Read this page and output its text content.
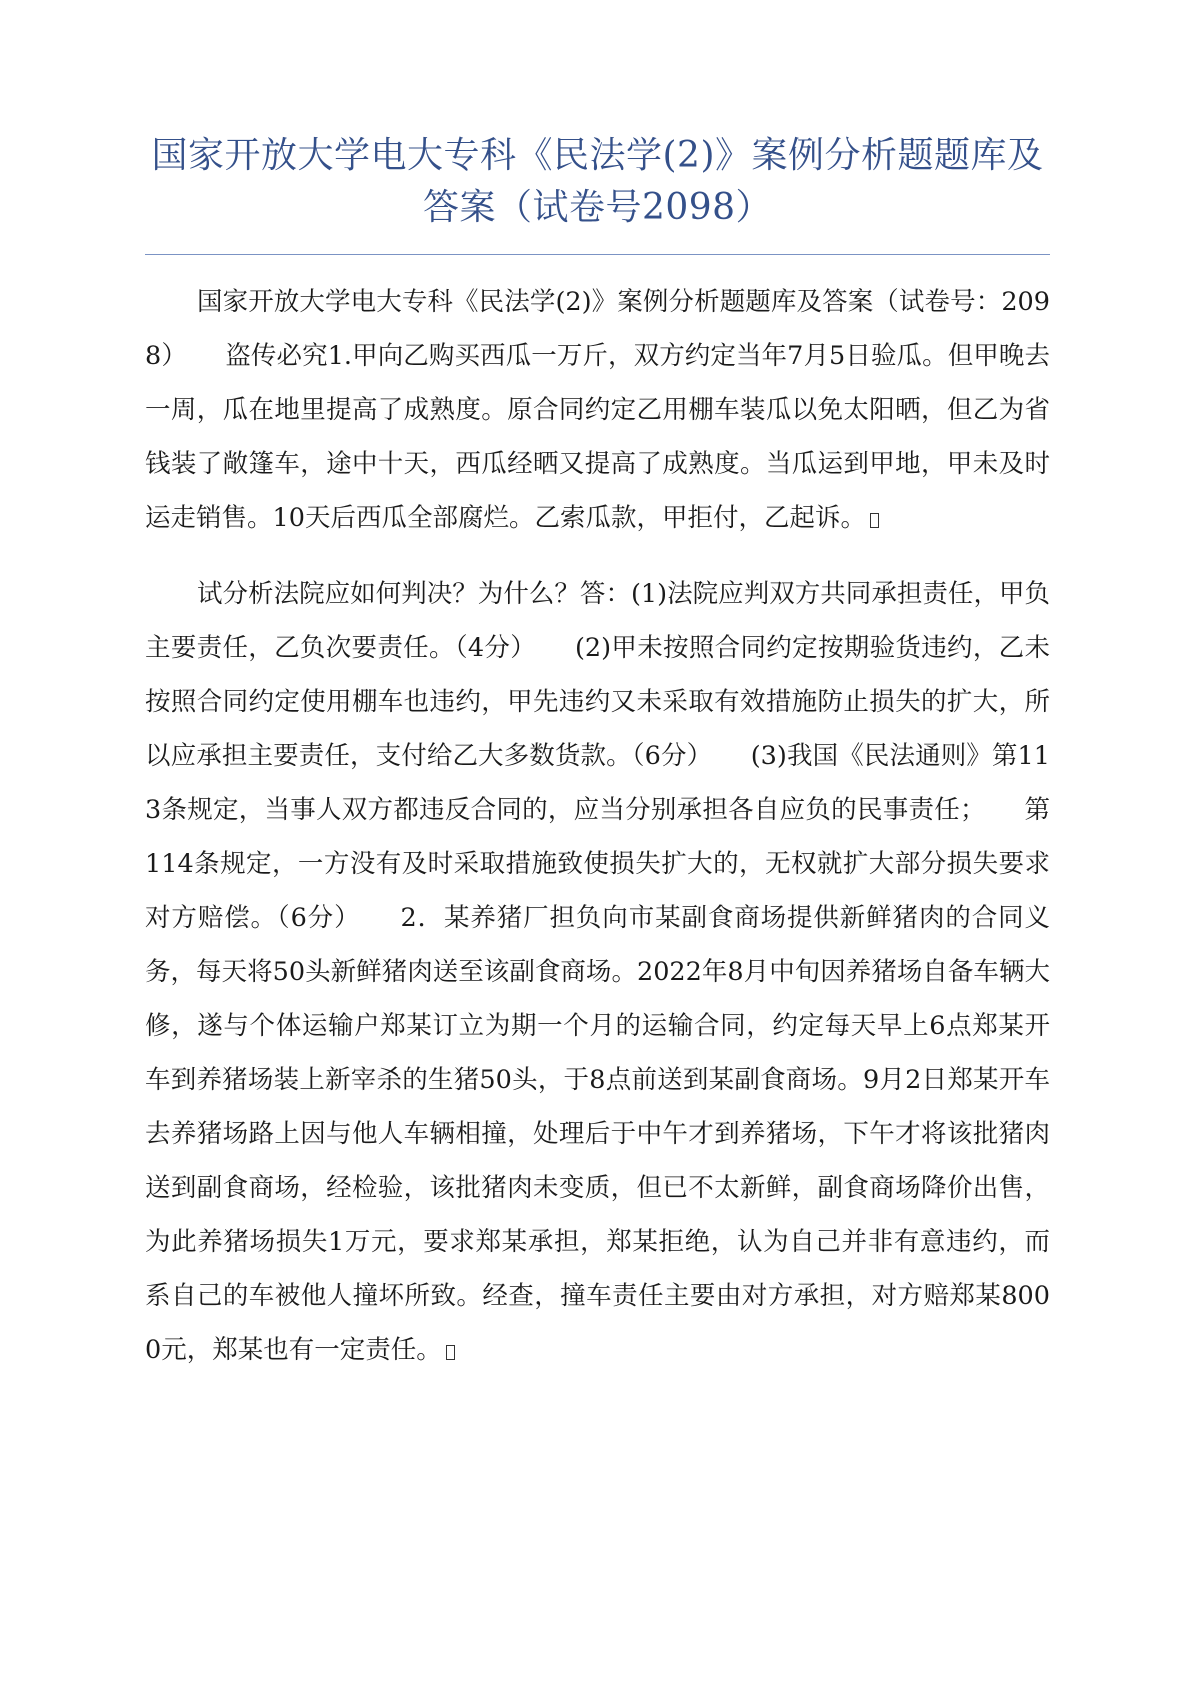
国家开放大学电大专科《民法学(2)》案例分析题题库及答案（试卷号2098）

国家开放大学电大专科《民法学(2)》案例分析题题库及答案（试卷号：2098）　　盗传必究1.甲向乙购买西瓜一万斤，双方约定当年7月5日验瓜。但甲晚去一周，瓜在地里提高了成熟度。原合同约定乙用棚车装瓜以免太阳晒，但乙为省钱装了敞篷车，途中十天，西瓜经晒又提高了成熟度。当瓜运到甲地，甲未及时运走销售。10天后西瓜全部腐烂。乙索瓜款，甲拒付，乙起诉。

试分析法院应如何判决？为什么？答：(1)法院应判双方共同承担责任，甲负主要责任，乙负次要责任。（4分）　　(2)甲未按照合同约定按期验货违约，乙未按照合同约定使用棚车也违约，甲先违约又未采取有效措施防止损失的扩大，所以应承担主要责任，支付给乙大多数货款。（6分）　　(3)我国《民法通则》第113条规定，当事人双方都违反合同的，应当分别承担各自应负的民事责任；　　第114条规定，一方没有及时采取措施致使损失扩大的，无权就扩大部分损失要求对方赔偿。（6分）　　2．某养猪厂担负向市某副食商场提供新鲜猪肉的合同义务，每天将50头新鲜猪肉送至该副食商场。2022年8月中旬因养猪场自备车辆大修，遂与个体运输户郑某订立为期一个月的运输合同，约定每天早上6点郑某开车到养猪场装上新宰杀的生猪50头，于8点前送到某副食商场。9月2日郑某开车去养猪场路上因与他人车辆相撞，处理后于中午才到养猪场，下午才将该批猪肉送到副食商场，经检验，该批猪肉未变质，但已不太新鲜，副食商场降价出售，为此养猪场损失1万元，要求郑某承担，郑某拒绝，认为自己并非有意违约，而系自己的车被他人撞坏所致。经查，撞车责任主要由对方承担，对方赔郑某8000元，郑某也有一定责任。
